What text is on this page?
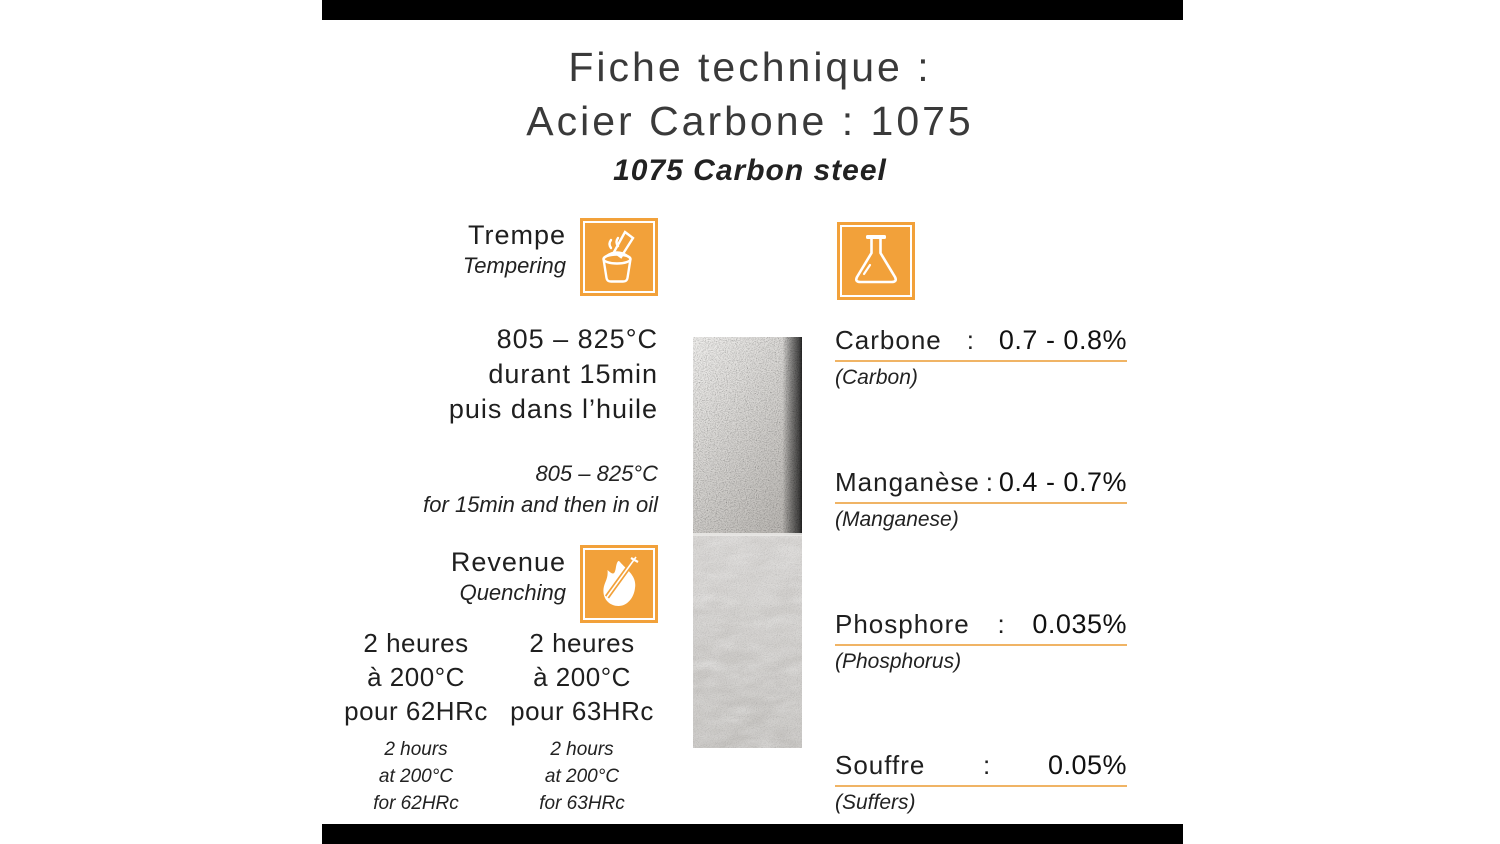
Fiche technique :
Acier Carbone : 1075
1075 Carbon steel
Trempe
Tempering
805 – 825°C
durant 15min
puis dans l’huile
805 – 825°C
for 15min and then in oil
Revenue
Quenching
2 heures
à 200°C
pour 62HRc
2 heures
à 200°C
pour 63HRc
2 hours
at 200°C
for 62HRc
2 hours
at 200°C
for 63HRc
Carbone : 0.7 - 0.8%
(Carbon)
Manganèse : 0.4 - 0.7%
(Manganese)
Phosphore : 0.035%
(Phosphorus)
Souffre : 0.05%
(Suffers)
